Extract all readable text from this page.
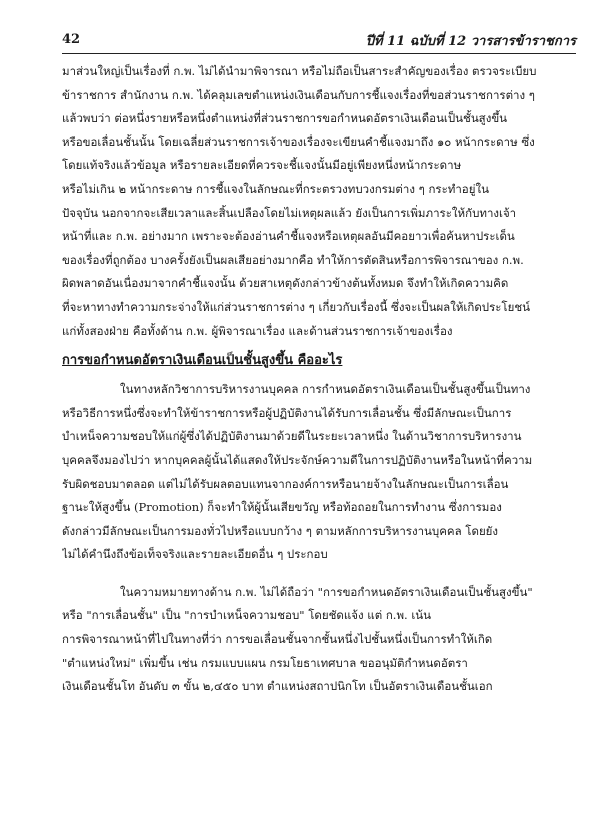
42	ปีที่ 11 ฉบับที่ 12 วารสารข้าราชการ

มาส่วนใหญ่เป็นเรื่องที่ ก.พ. ไม่ได้นำมาพิจารณา หรือไม่ถือเป็นสาระสำคัญของเรื่อง ตรวจระเบียบ
ข้าราชการ สำนักงาน ก.พ. ได้คลุมเลขตำแหน่งเงินเดือนกับการชี้แจงเรื่องที่ขอส่วนราชการต่าง ๆ
แล้วพบว่า ต่อหนึ่งรายหรือหนึ่งตำแหน่งที่ส่วนราชการขอกำหนดอัตราเงินเดือนเป็นชั้นสูงขึ้น
หรือขอเลื่อนชั้นนั้น โดยเฉลี่ยส่วนราชการเจ้าของเรื่องจะเขียนคำชี้แจงมาถึง ๑๐ หน้ากระดาษ ซึ่ง
โดยแท้จริงแล้วข้อมูล หรือรายละเอียดที่ควรจะชี้แจงนั้นมีอยู่เพียงหนึ่งหน้ากระดาษ
หรือไม่เกิน ๒ หน้ากระดาษ การชี้แจงในลักษณะที่กระตรวงทบวงกรมต่าง ๆ กระทำอยู่ใน
ปัจจุบัน นอกจากจะเสียเวลาและสิ้นเปลืองโดยไม่เหตุผลแล้ว ยังเป็นการเพิ่มภาระให้กับทางเจ้า
หน้าที่และ ก.พ. อย่างมาก เพราะจะต้องอ่านคำชี้แจงหรือเหตุผลอันมีคอยาวเพื่อค้นหาประเด็น
ของเรื่องที่ถูกต้อง บางครั้งยังเป็นผลเสียอย่างมากคือ ทำให้การตัดสินหรือการพิจารณาของ ก.พ.
ผิดพลาดอันเนื่องมาจากคำชี้แจงนั้น ด้วยสาเหตุดังกล่าวข้างต้นทั้งหมด จึงทำให้เกิดความคิด
ที่จะหาทางทำความกระจ่างให้แก่ส่วนราชการต่าง ๆ เกี่ยวกับเรื่องนี้ ซึ่งจะเป็นผลให้เกิดประโยชน์
แก่ทั้งสองฝ่าย คือทั้งด้าน ก.พ. ผู้พิจารณาเรื่อง และด้านส่วนราชการเจ้าของเรื่อง

การขอกำหนดอัตราเงินเดือนเป็นชั้นสูงขึ้น คืออะไร

ในทางหลักวิชาการบริหารงานบุคคล การกำหนดอัตราเงินเดือนเป็นชั้นสูงขึ้นเป็นทาง
หรือวิธีการหนึ่งซึ่งจะทำให้ข้าราชการหรือผู้ปฏิบัติงานได้รับการเลื่อนชั้น ซึ่งมีลักษณะเป็นการ
บำเหน็จความชอบให้แก่ผู้ซึ่งได้ปฏิบัติงานมาด้วยดีในระยะเวลาหนึ่ง ในด้านวิชาการบริหารงาน
บุคคลจึงมองไปว่า หากบุคคลผู้นั้นได้แสดงให้ประจักษ์ความดีในการปฏิบัติงานหรือในหน้าที่ความ
รับผิดชอบมาตลอด แต่ไม่ได้รับผลตอบแทนจากองค์การหรือนายจ้างในลักษณะเป็นการเลื่อน
ฐานะให้สูงขึ้น (Promotion) ก็จะทำให้ผู้นั้นเสียขวัญ หรือท้อถอยในการทำงาน ซึ่งการมอง
ดังกล่าวมีลักษณะเป็นการมองทั่วไปหรือแบบกว้าง ๆ ตามหลักการบริหารงานบุคคล โดยยัง
ไม่ได้คำนึงถึงข้อเท็จจริงและรายละเอียดอื่น ๆ ประกอบ

ในความหมายทางด้าน ก.พ. ไม่ได้ถือว่า "การขอกำหนดอัตราเงินเดือนเป็นชั้นสูงขึ้น"
หรือ "การเลื่อนชั้น" เป็น "การบำเหน็จความชอบ" โดยชัดแจ้ง แต่ ก.พ. เน้น
การพิจารณาหน้าที่ไปในทางที่ว่า การขอเลื่อนชั้นจากชั้นหนึ่งไปชั้นหนึ่งเป็นการทำให้เกิด
"ตำแหน่งใหม่" เพิ่มขึ้น เช่น กรมแบบแผน กรมโยธาเทศบาล ขออนุมัติกำหนดอัตรา
เงินเดือนชั้นโท อันดับ ๓ ขั้น ๒,๔๕๐ บาท ตำแหน่งสถาปนิกโท เป็นอัตราเงินเดือนชั้นเอก
